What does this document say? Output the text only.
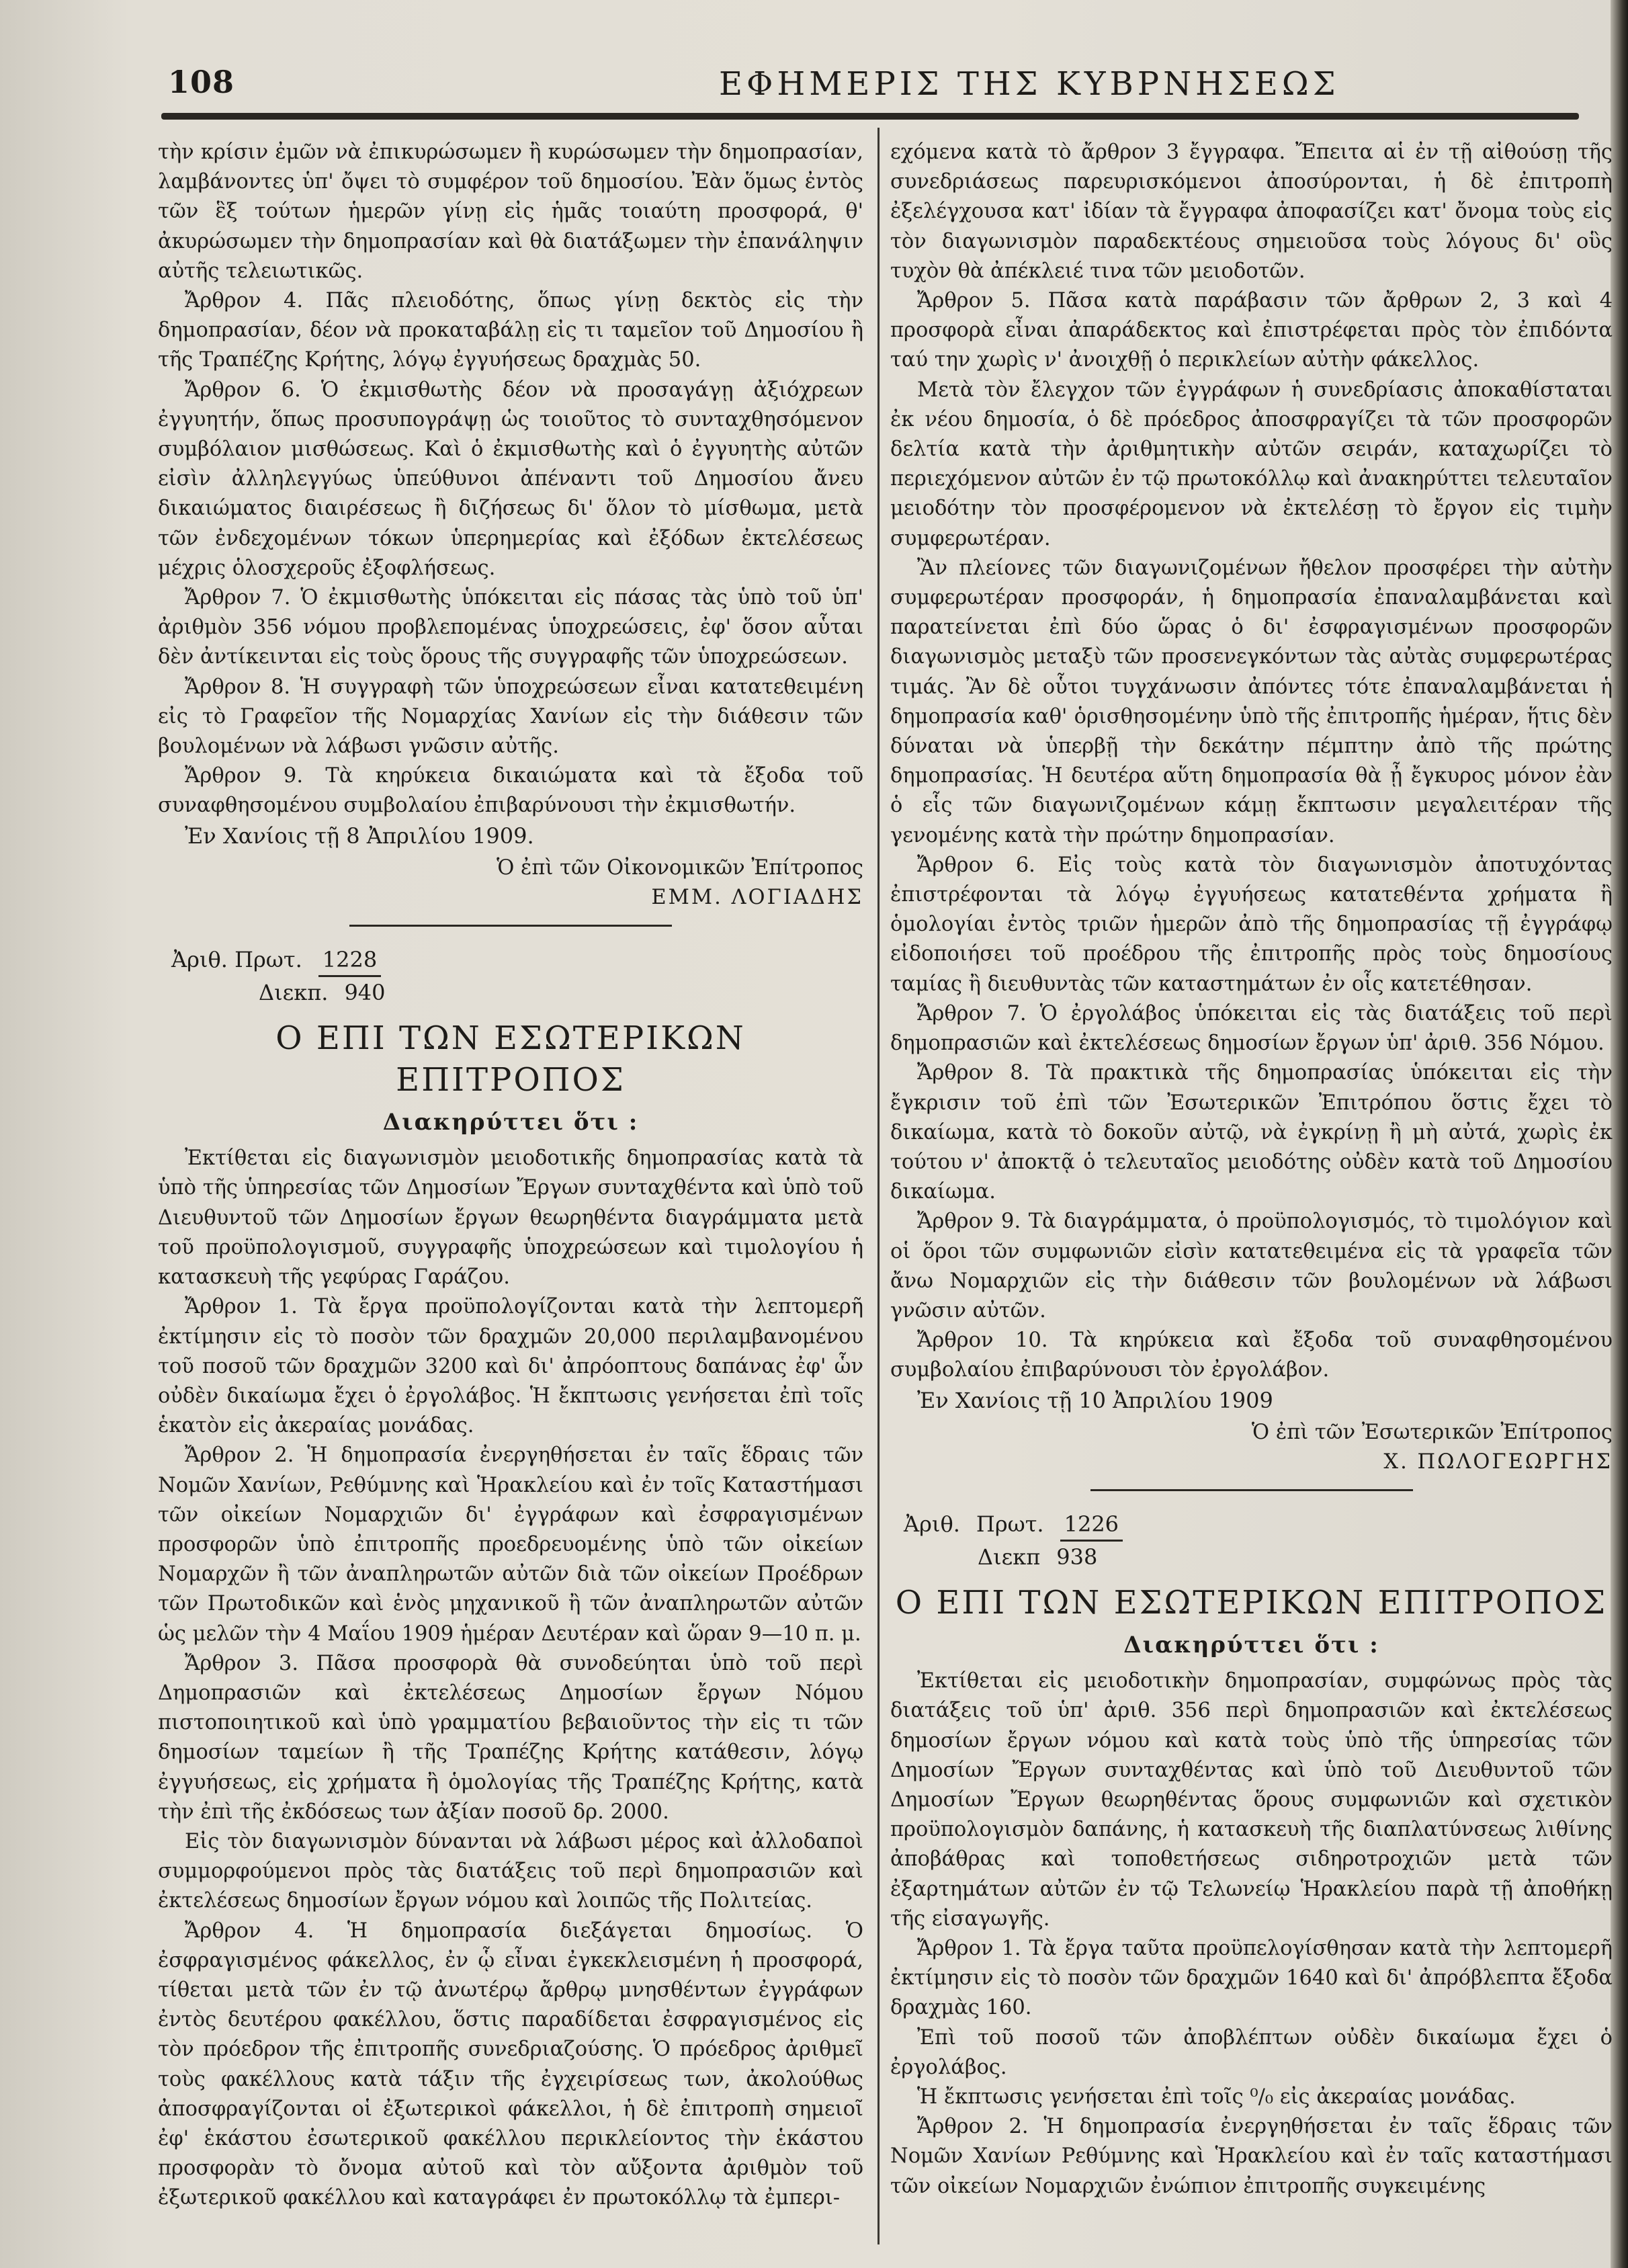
108	ΕΦΗΜΕΡΙΣ ΤΗΣ ΚΥΒΡΝΗΣΕΩΣ

τὴν κρίσιν ἐμῶν νὰ ἐπικυρώσωμεν ἢ κυρώσωμεν τὴν δημοπρασίαν, λαμβάνοντες ὑπ' ὄψει τὸ συμφέρον τοῦ δημοσίου. Ἐὰν ὅμως ἐντὸς τῶν ἓξ τούτων ἡμερῶν γίνῃ εἰς ἡμᾶς τοιαύτη προσφορά, θ' ἀκυρώσωμεν τὴν δημοπρασίαν καὶ θὰ διατάξωμεν τὴν ἐπανάληψιν αὐτῆς τελειωτικῶς.

Ἄρθρον 4. Πᾶς πλειοδότης, ὅπως γίνῃ δεκτὸς εἰς τὴν δημοπρασίαν, δέον νὰ προκαταβάλῃ εἰς τι ταμεῖον τοῦ Δημοσίου ἢ τῆς Τραπέζης Κρήτης, λόγῳ ἐγγυήσεως δραχμὰς 50.

Ἄρθρον 6. Ὁ ἐκμισθωτὴς δέον νὰ προσαγάγῃ ἀξιόχρεων ἐγγυητήν, ὅπως προσυπογράψῃ ὡς τοιοῦτος τὸ συνταχθησόμενον συμβόλαιον μισθώσεως. Καὶ ὁ ἐκμισθωτὴς καὶ ὁ ἐγγυητὴς αὐτῶν εἰσὶν ἀλληλεγγύως ὑπεύθυνοι ἀπέναντι τοῦ Δημοσίου ἄνευ δικαιώματος διαιρέσεως ἢ διζήσεως δι' ὅλον τὸ μίσθωμα, μετὰ τῶν ἐνδεχομένων τόκων ὑπερημερίας καὶ ἐξόδων ἐκτελέσεως μέχρις ὁλοσχεροῦς ἐξοφλήσεως.

Ἄρθρον 7. Ὁ ἐκμισθωτὴς ὑπόκειται εἰς πάσας τὰς ὑπὸ τοῦ ὑπ' ἀριθμὸν 356 νόμου προβλεπομένας ὑποχρεώσεις, ἐφ' ὅσον αὗται δὲν ἀντίκεινται εἰς τοὺς ὅρους τῆς συγγραφῆς τῶν ὑποχρεώσεων.

Ἄρθρον 8. Ἡ συγγραφὴ τῶν ὑποχρεώσεων εἶναι κατατεθειμένη εἰς τὸ Γραφεῖον τῆς Νομαρχίας Χανίων εἰς τὴν διάθεσιν τῶν βουλομένων νὰ λάβωσι γνῶσιν αὐτῆς.

Ἄρθρον 9. Τὰ κηρύκεια δικαιώματα καὶ τὰ ἔξοδα τοῦ συναφθησομένου συμβολαίου ἐπιβαρύνουσι τὴν ἐκμισθωτήν.

Ἐν Χανίοις τῇ 8 Ἀπριλίου 1909.

Ὁ ἐπὶ τῶν Οἰκονομικῶν Ἐπίτροπος
ΕΜΜ. ΛΟΓΙΑΔΗΣ
Ἀριθ. Πρωτ. 1228
Διεκπ. 940
Ο ΕΠΙ ΤΩΝ ΕΣΩΤΕΡΙΚΩΝ ΕΠΙΤΡΟΠΟΣ
Διακηρύττει ὅτι :

Ἐκτίθεται εἰς διαγωνισμὸν μειοδοτικῆς δημοπρασίας κατὰ τὰ ὑπὸ τῆς ὑπηρεσίας τῶν Δημοσίων Ἔργων συνταχθέντα καὶ ὑπὸ τοῦ Διευθυντοῦ τῶν Δημοσίων ἔργων θεωρηθέντα διαγράμματα μετὰ τοῦ προϋπολογισμοῦ, συγγραφῆς ὑποχρεώσεων καὶ τιμολογίου ἡ κατασκευὴ τῆς γεφύρας Γαράζου.

Ἄρθρον 1. Τὰ ἔργα προϋπολογίζονται κατὰ τὴν λεπτομερῆ ἐκτίμησιν εἰς τὸ ποσὸν τῶν δραχμῶν 20,000 περιλαμβανομένου τοῦ ποσοῦ τῶν δραχμῶν 3200 καὶ δι' ἀπρόοπτους δαπάνας ἐφ' ὧν οὐδὲν δικαίωμα ἔχει ὁ ἐργολάβος. Ἡ ἔκπτωσις γενήσεται ἐπὶ τοῖς ἑκατὸν εἰς ἀκεραίας μονάδας.

Ἄρθρον 2. Ἡ δημοπρασία ἐνεργηθήσεται ἐν ταῖς ἕδραις τῶν Νομῶν Χανίων, Ρεθύμνης καὶ Ἡρακλείου καὶ ἐν τοῖς Καταστήμασι τῶν οἰκείων Νομαρχιῶν δι' ἐγγράφων καὶ ἐσφραγισμένων προσφορῶν ὑπὸ ἐπιτροπῆς προεδρευομένης ὑπὸ τῶν οἰκείων Νομαρχῶν ἢ τῶν ἀναπληρωτῶν αὐτῶν διὰ τῶν οἰκείων Προέδρων τῶν Πρωτοδικῶν καὶ ἑνὸς μηχανικοῦ ἢ τῶν ἀναπληρωτῶν αὐτῶν ὡς μελῶν τὴν 4 Μαΐου 1909 ἡμέραν Δευτέραν καὶ ὥραν 9—10 π. μ.

Ἄρθρον 3. Πᾶσα προσφορὰ θὰ συνοδεύηται ὑπὸ τοῦ περὶ Δημοπρασιῶν καὶ ἐκτελέσεως Δημοσίων ἔργων Νόμου πιστοποιητικοῦ καὶ ὑπὸ γραμματίου βεβαιοῦντος τὴν εἰς τι τῶν δημοσίων ταμείων ἢ τῆς Τραπέζης Κρήτης κατάθεσιν, λόγῳ ἐγγυήσεως, εἰς χρήματα ἢ ὁμολογίας τῆς Τραπέζης Κρήτης, κατὰ τὴν ἐπὶ τῆς ἐκδόσεως των ἀξίαν ποσοῦ δρ. 2000.

Εἰς τὸν διαγωνισμὸν δύνανται νὰ λάβωσι μέρος καὶ ἀλλοδαποὶ συμμορφούμενοι πρὸς τὰς διατάξεις τοῦ περὶ δημοπρασιῶν καὶ ἐκτελέσεως δημοσίων ἔργων νόμου καὶ λοιπῶς τῆς Πολιτείας.

Ἄρθρον 4. Ἡ δημοπρασία διεξάγεται δημοσίως. Ὁ ἐσφραγισμένος φάκελλος, ἐν ᾧ εἶναι ἐγκεκλεισμένη ἡ προσφορά, τίθεται μετὰ τῶν ἐν τῷ ἀνωτέρῳ ἄρθρῳ μνησθέντων ἐγγράφων ἐντὸς δευτέρου φακέλλου, ὅστις παραδίδεται ἐσφραγισμένος εἰς τὸν πρόεδρον τῆς ἐπιτροπῆς συνεδριαζούσης. Ὁ πρόεδρος ἀριθμεῖ τοὺς φακέλλους κατὰ τάξιν τῆς ἐγχειρίσεως των, ἀκολούθως ἀποσφραγίζονται οἱ ἐξωτερικοὶ φάκελλοι, ἡ δὲ ἐπιτροπὴ σημειοῖ ἐφ' ἑκάστου ἐσωτερικοῦ φακέλλου περικλείοντος τὴν ἑκάστου προσφορὰν τὸ ὄνομα αὐτοῦ καὶ τὸν αὔξοντα ἀριθμὸν τοῦ ἐξωτερικοῦ φακέλλου καὶ καταγράφει ἐν πρωτοκόλλῳ τὰ ἐμπερι-

εχόμενα κατὰ τὸ ἄρθρον 3 ἔγγραφα. Ἔπειτα αἱ ἐν τῇ αἰθούσῃ τῆς συνεδριάσεως παρευρισκόμενοι ἀποσύρονται, ἡ δὲ ἐπιτροπὴ ἐξελέγχουσα κατ' ἰδίαν τὰ ἔγγραφα ἀποφασίζει κατ' ὄνομα τοὺς εἰς τὸν διαγωνισμὸν παραδεκτέους σημειοῦσα τοὺς λόγους δι' οὓς τυχὸν θὰ ἀπέκλειέ τινα τῶν μειοδοτῶν.

Ἄρθρον 5. Πᾶσα κατὰ παράβασιν τῶν ἄρθρων 2, 3 καὶ 4 προσφορὰ εἶναι ἀπαράδεκτος καὶ ἐπιστρέφεται πρὸς τὸν ἐπιδόντα ταύ την χωρὶς ν' ἀνοιχθῇ ὁ περικλείων αὐτὴν φάκελλος.

Μετὰ τὸν ἔλεγχον τῶν ἐγγράφων ἡ συνεδρίασις ἀποκαθίσταται ἐκ νέου δημοσία, ὁ δὲ πρόεδρος ἀποσφραγίζει τὰ τῶν προσφορῶν δελτία κατὰ τὴν ἀριθμητικὴν αὐτῶν σειράν, καταχωρίζει τὸ περιεχόμενον αὐτῶν ἐν τῷ πρωτοκόλλῳ καὶ ἀνακηρύττει τελευταῖον μειοδότην τὸν προσφέρομενον νὰ ἐκτελέσῃ τὸ ἔργον εἰς τιμὴν συμφερωτέραν.

Ἂν πλείονες τῶν διαγωνιζομένων ἤθελον προσφέρει τὴν αὐτὴν συμφερωτέραν προσφοράν, ἡ δημοπρασία ἐπαναλαμβάνεται καὶ παρατείνεται ἐπὶ δύο ὥρας ὁ δι' ἐσφραγισμένων προσφορῶν διαγωνισμὸς μεταξὺ τῶν προσενεγκόντων τὰς αὐτὰς συμφερωτέρας τιμάς. Ἂν δὲ οὗτοι τυγχάνωσιν ἀπόντες τότε ἐπαναλαμβάνεται ἡ δημοπρασία καθ' ὁρισθησομένην ὑπὸ τῆς ἐπιτροπῆς ἡμέραν, ἥτις δὲν δύναται νὰ ὑπερβῇ τὴν δεκάτην πέμπτην ἀπὸ τῆς πρώτης δημοπρασίας. Ἡ δευτέρα αὕτη δημοπρασία θὰ ᾖ ἔγκυρος μόνον ἐὰν ὁ εἷς τῶν διαγωνιζομένων κάμῃ ἔκπτωσιν μεγαλειτέραν τῆς γενομένης κατὰ τὴν πρώτην δημοπρασίαν.

Ἄρθρον 6. Εἰς τοὺς κατὰ τὸν διαγωνισμὸν ἀποτυχόντας ἐπιστρέφονται τὰ λόγῳ ἐγγυήσεως κατατεθέντα χρήματα ἢ ὁμολογίαι ἐντὸς τριῶν ἡμερῶν ἀπὸ τῆς δημοπρασίας τῇ ἐγγράφῳ εἰδοποιήσει τοῦ προέδρου τῆς ἐπιτροπῆς πρὸς τοὺς δημοσίους ταμίας ἢ διευθυντὰς τῶν καταστημάτων ἐν οἷς κατετέθησαν.

Ἄρθρον 7. Ὁ ἐργολάβος ὑπόκειται εἰς τὰς διατάξεις τοῦ περὶ δημοπρασιῶν καὶ ἐκτελέσεως δημοσίων ἔργων ὑπ' ἀριθ. 356 Νόμου.

Ἄρθρον 8. Τὰ πρακτικὰ τῆς δημοπρασίας ὑπόκειται εἰς τὴν ἔγκρισιν τοῦ ἐπὶ τῶν Ἐσωτερικῶν Ἐπιτρόπου ὅστις ἔχει τὸ δικαίωμα, κατὰ τὸ δοκοῦν αὐτῷ, νὰ ἐγκρίνῃ ἢ μὴ αὐτά, χωρὶς ἐκ τούτου ν' ἀποκτᾷ ὁ τελευταῖος μειοδότης οὐδὲν κατὰ τοῦ Δημοσίου δικαίωμα.

Ἄρθρον 9. Τὰ διαγράμματα, ὁ προϋπολογισμός, τὸ τιμολόγιον καὶ οἱ ὅροι τῶν συμφωνιῶν εἰσὶν κατατεθειμένα εἰς τὰ γραφεῖα τῶν ἄνω Νομαρχιῶν εἰς τὴν διάθεσιν τῶν βουλομένων νὰ λάβωσι γνῶσιν αὐτῶν.

Ἄρθρον 10. Τὰ κηρύκεια καὶ ἔξοδα τοῦ συναφθησομένου συμβολαίου ἐπιβαρύνουσι τὸν ἐργολάβον.

Ἐν Χανίοις τῇ 10 Ἀπριλίου 1909

Ὁ ἐπὶ τῶν Ἐσωτερικῶν Ἐπίτροπος
Χ. ΠΩΛΟΓΕΩΡΓΗΣ
Ἀριθ. Πρωτ. 1226
Διεκπ 938
Ο ΕΠΙ ΤΩΝ ΕΣΩΤΕΡΙΚΩΝ ΕΠΙΤΡΟΠΟΣ
Διακηρύττει ὅτι :

Ἐκτίθεται εἰς μειοδοτικὴν δημοπρασίαν, συμφώνως πρὸς τὰς διατάξεις τοῦ ὑπ' ἀριθ. 356 περὶ δημοπρασιῶν καὶ ἐκτελέσεως δημοσίων ἔργων νόμου καὶ κατὰ τοὺς ὑπὸ τῆς ὑπηρεσίας τῶν Δημοσίων Ἔργων συνταχθέντας καὶ ὑπὸ τοῦ Διευθυντοῦ τῶν Δημοσίων Ἔργων θεωρηθέντας ὅρους συμφωνιῶν καὶ σχετικὸν προϋπολογισμὸν δαπάνης, ἡ κατασκευὴ τῆς διαπλατύνσεως λιθίνης ἀποβάθρας καὶ τοποθετήσεως σιδηροτροχιῶν μετὰ τῶν ἐξαρτημάτων αὐτῶν ἐν τῷ Τελωνείῳ Ἡρακλείου παρὰ τῇ ἀποθήκῃ τῆς εἰσαγωγῆς.

Ἄρθρον 1. Τὰ ἔργα ταῦτα προϋπελογίσθησαν κατὰ τὴν λεπτομερῆ ἐκτίμησιν εἰς τὸ ποσὸν τῶν δραχμῶν 1640 καὶ δι' ἀπρόβλεπτα ἔξοδα δραχμὰς 160.

Ἐπὶ τοῦ ποσοῦ τῶν ἀποβλέπτων οὐδὲν δικαίωμα ἔχει ὁ ἐργολάβος.

Ἡ ἔκπτωσις γενήσεται ἐπὶ τοῖς ⁰/₀ εἰς ἀκεραίας μονάδας.

Ἄρθρον 2. Ἡ δημοπρασία ἐνεργηθήσεται ἐν ταῖς ἕδραις τῶν Νομῶν Χανίων Ρεθύμνης καὶ Ἡρακλείου καὶ ἐν ταῖς καταστήμασι τῶν οἰκείων Νομαρχιῶν ἐνώπιον ἐπιτροπῆς συγκειμένης
